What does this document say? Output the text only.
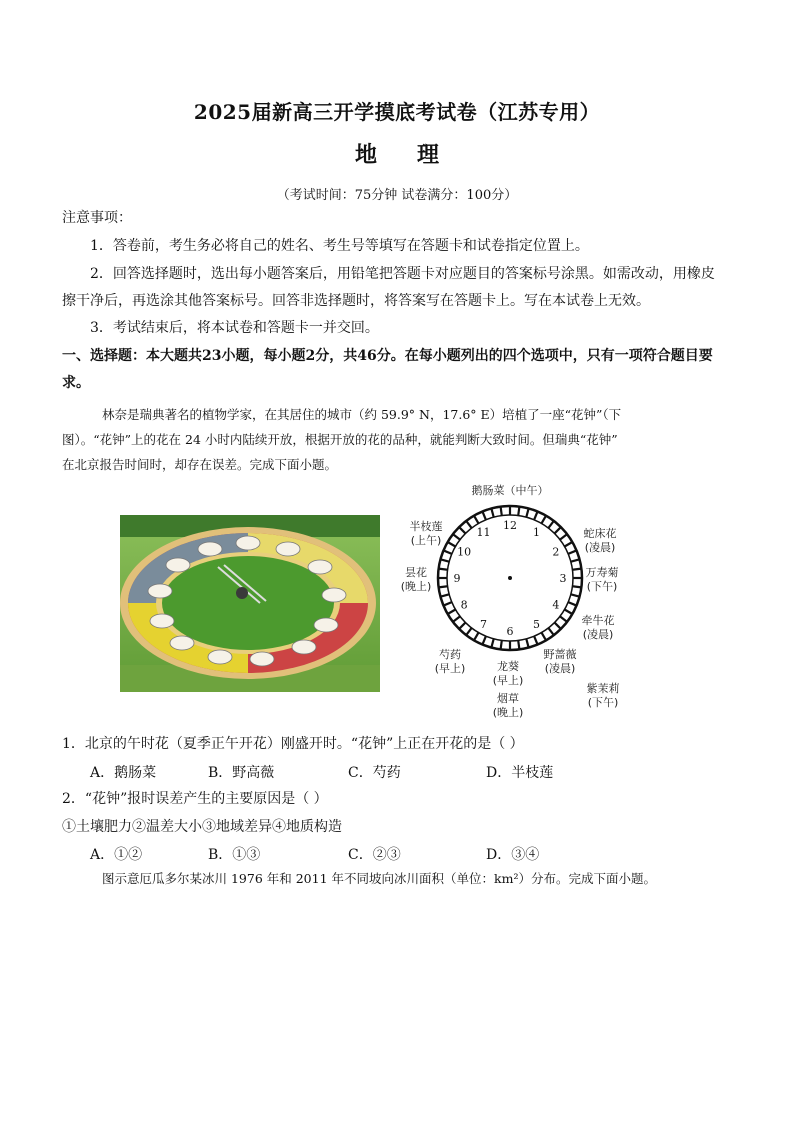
2025届新高三开学摸底考试卷（江苏专用）
地理
（考试时间：75分钟 试卷满分：100分）
注意事项：
1．答卷前，考生务必将自己的姓名、考生号等填写在答题卡和试卷指定位置上。
2．回答选择题时，选出每小题答案后，用铅笔把答题卡对应题目的答案标号涂黑。如需改动，用橡皮
擦干净后，再选涂其他答案标号。回答非选择题时，将答案写在答题卡上。写在本试卷上无效。
3．考试结束后，将本试卷和答题卡一并交回。
一、选择题：本大题共23小题，每小题2分，共46分。在每小题列出的四个选项中，只有一项符合题目要求。

林奈是瑞典著名的植物学家，在其居住的城市（约 59.9° N，17.6° E）培植了一座“花钟”（下

图）。“花钟”上的花在 24 小时内陆续开放，根据开放的花的品种，就能判断大致时间。但瑞典“花钟”

在北京报告时间时，却存在误差。完成下面小题。

12
1
2
3
4
5
6
7
8
9
10
11
鹅肠菜（中午）
半枝莲
(上午)
蛇床花
(凌晨)
万寿菊
(下午)
昙花
(晚上)
牵牛花
(凌晨)
芍药
(早上)	龙葵
(早上)
野蔷薇
(凌晨)
烟草
(晚上)
紫茉莉
(下午)
1．北京的午时花（夏季正午开花）刚盛开时。“花钟”上正在开花的是（ ）
A．鹅肠菜	B．野高薇	C．芍药	D．半枝莲
2．“花钟”报时误差产生的主要原因是（ ）
①土壤肥力②温差大小③地域差异④地质构造
A．①②	B．①③	C．②③	D．③④
图示意厄瓜多尔某冰川 1976 年和 2011 年不同坡向冰川面积（单位：km²）分布。完成下面小题。
